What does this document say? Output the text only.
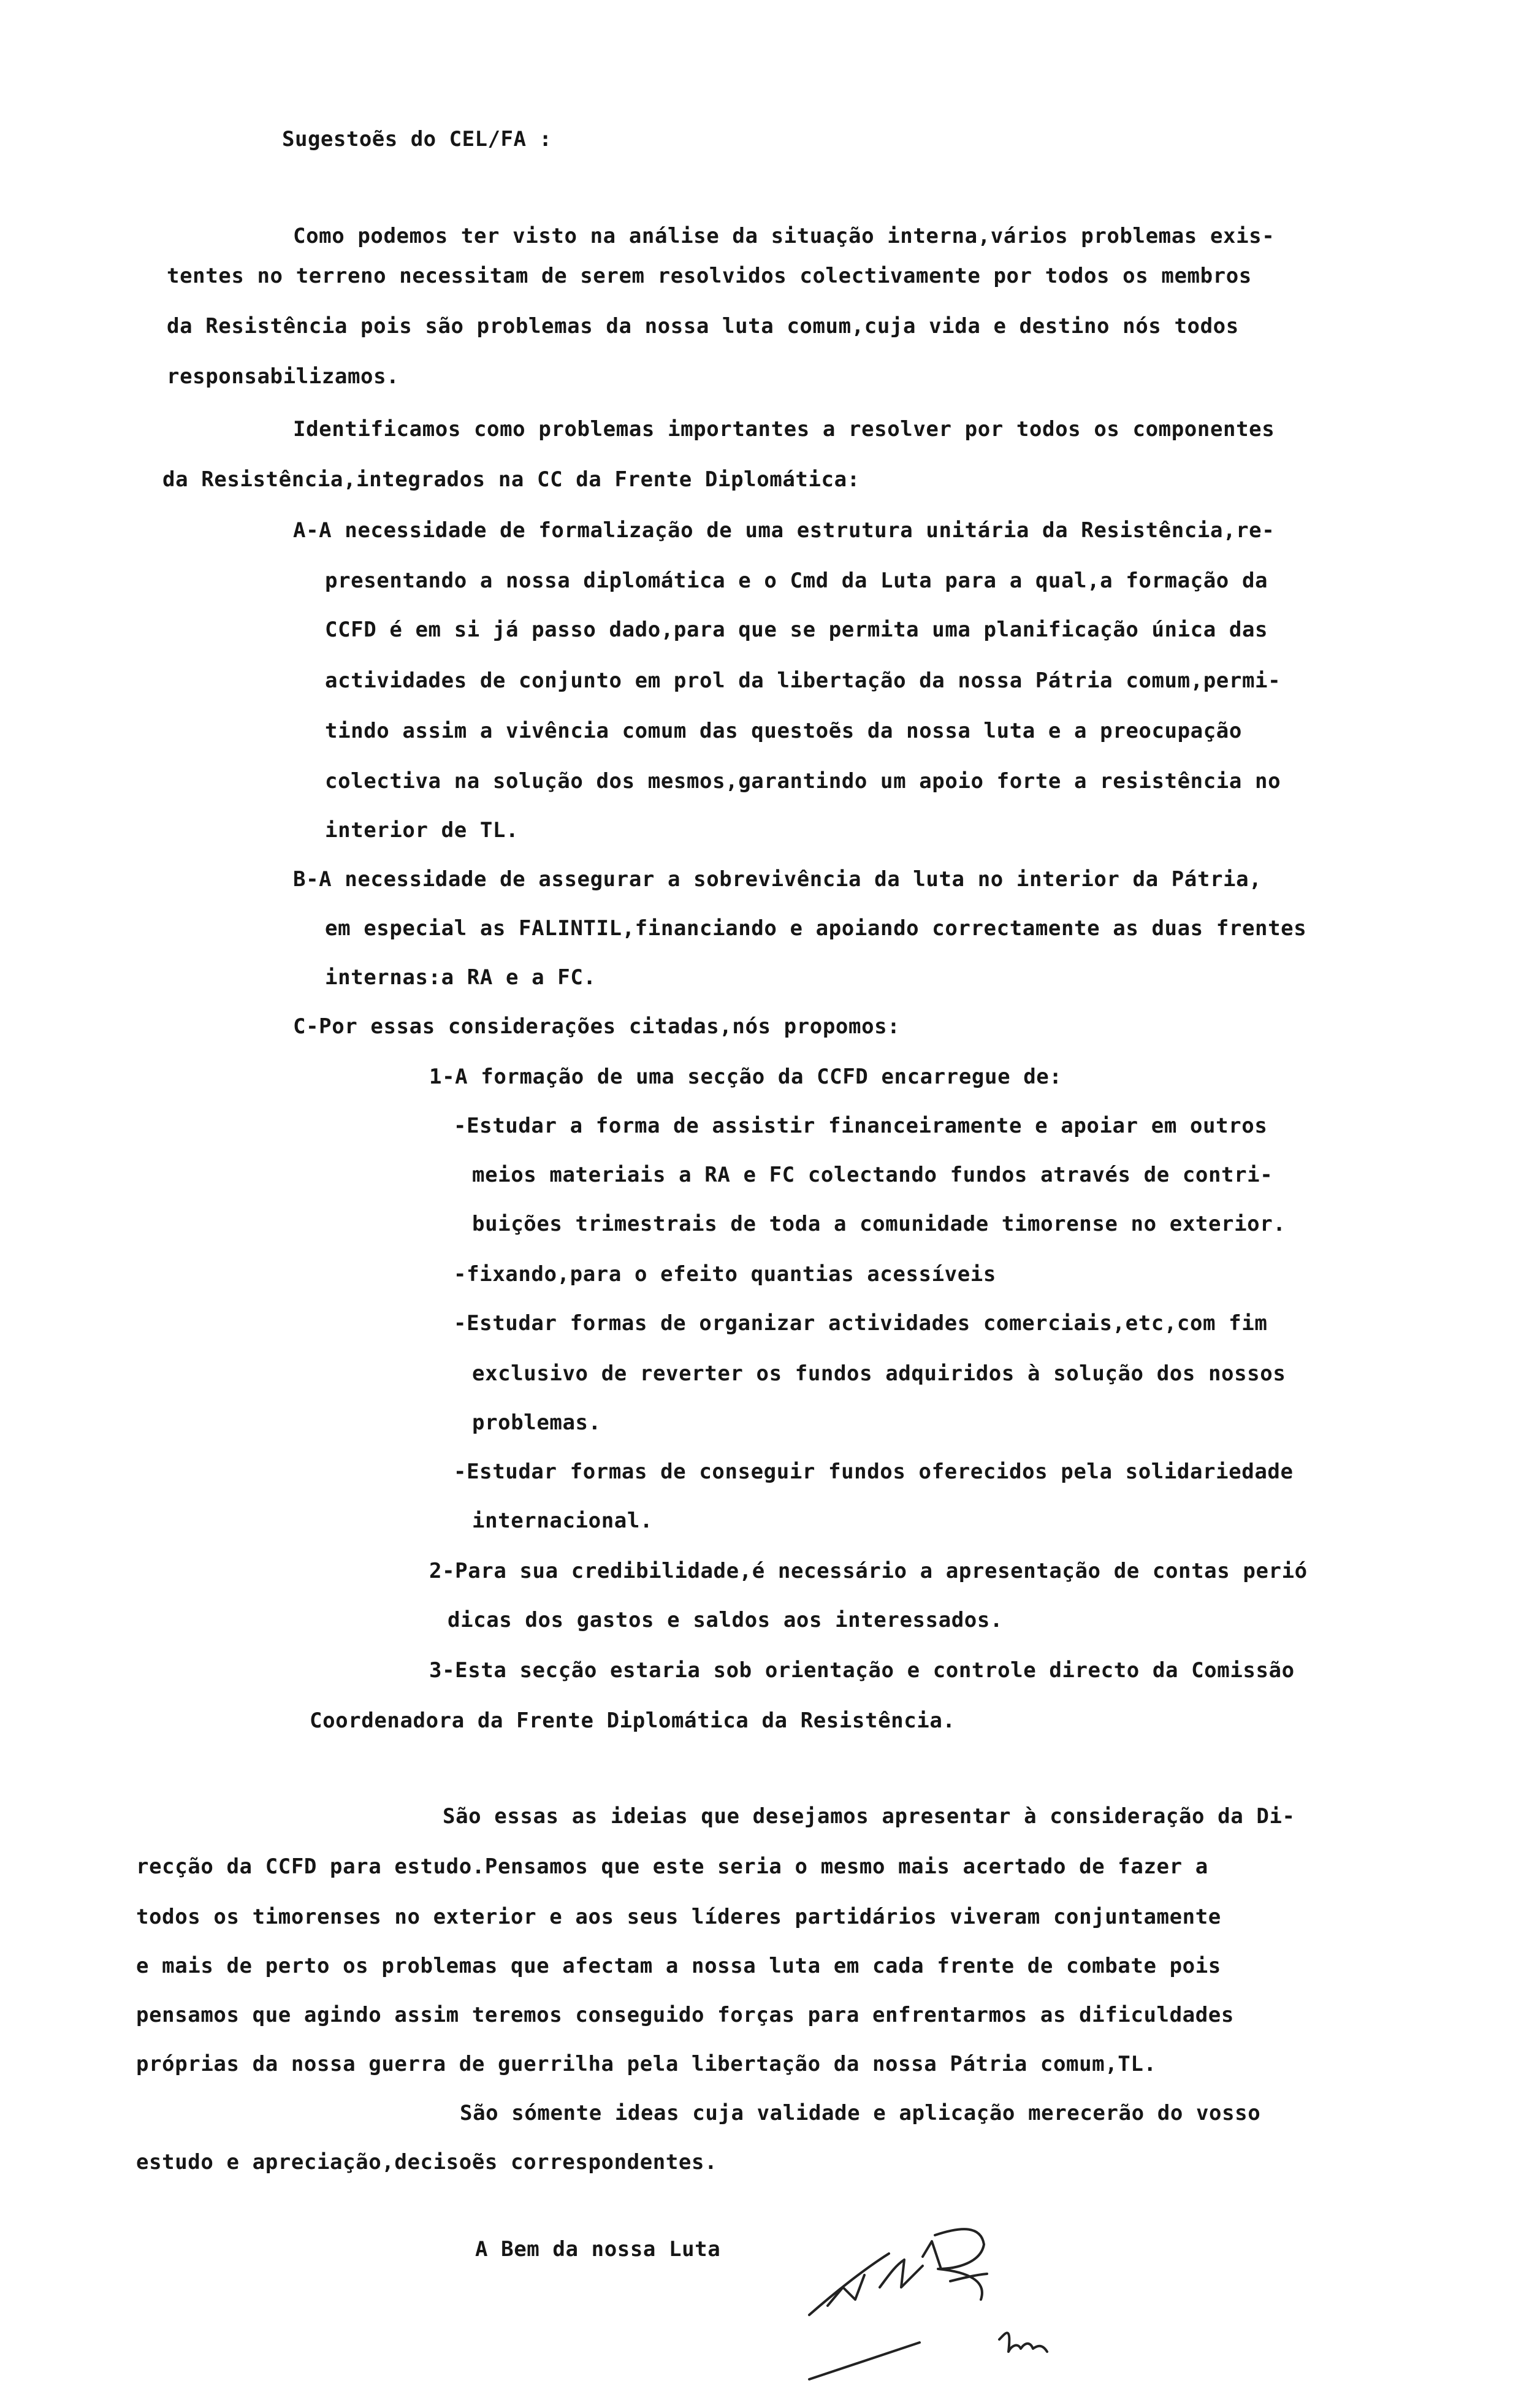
Sugestoẽs do CEL/FA :
Como podemos ter visto na análise da situação interna,vários problemas exis-
tentes no terreno necessitam de serem resolvidos colectivamente por todos os membros
da Resistência pois são problemas da nossa luta comum,cuja vida e destino nós todos
responsabilizamos.
Identificamos como problemas importantes a resolver por todos os componentes
da Resistência,integrados na CC da Frente Diplomática:
A-A necessidade de formalização de uma estrutura unitária da Resistência,re-
presentando a nossa diplomática e o Cmd da Luta para a qual,a formação da
CCFD é em si já passo dado,para que se permita uma planificação única das
actividades de conjunto em prol da libertação da nossa Pátria comum,permi-
tindo assim a vivência comum das questoẽs da nossa luta e a preocupação
colectiva na solução dos mesmos,garantindo um apoio forte a resistência no
interior de TL.
B-A necessidade de assegurar a sobrevivência da luta no interior da Pátria,
em especial as FALINTIL,financiando e apoiando correctamente as duas frentes
internas:a RA e a FC.
C-Por essas considerações citadas,nós propomos:
1-A formação de uma secção da CCFD encarregue de:
-Estudar a forma de assistir financeiramente e apoiar em outros
meios materiais a RA e FC colectando fundos através de contri-
buições trimestrais de toda a comunidade timorense no exterior.
-fixando,para o efeito quantias acessíveis
-Estudar formas de organizar actividades comerciais,etc,com fim
exclusivo de reverter os fundos adquiridos à solução dos nossos
problemas.
-Estudar formas de conseguir fundos oferecidos pela solidariedade
internacional.
2-Para sua credibilidade,é necessário a apresentação de contas perió
dicas dos gastos e saldos aos interessados.
3-Esta secção estaria sob orientação e controle directo da Comissão
Coordenadora da Frente Diplomática da Resistência.
São essas as ideias que desejamos apresentar à consideração da Di-
recção da CCFD para estudo.Pensamos que este seria o mesmo mais acertado de fazer a
todos os timorenses no exterior e aos seus líderes partidários viveram conjuntamente
e mais de perto os problemas que afectam a nossa luta em cada frente de combate pois
pensamos que agindo assim teremos conseguido forças para enfrentarmos as dificuldades
próprias da nossa guerra de guerrilha pela libertação da nossa Pátria comum,TL.
São sómente ideas cuja validade e aplicação merecerão do vosso
estudo e apreciação,decisoẽs correspondentes.
A Bem da nossa Luta
